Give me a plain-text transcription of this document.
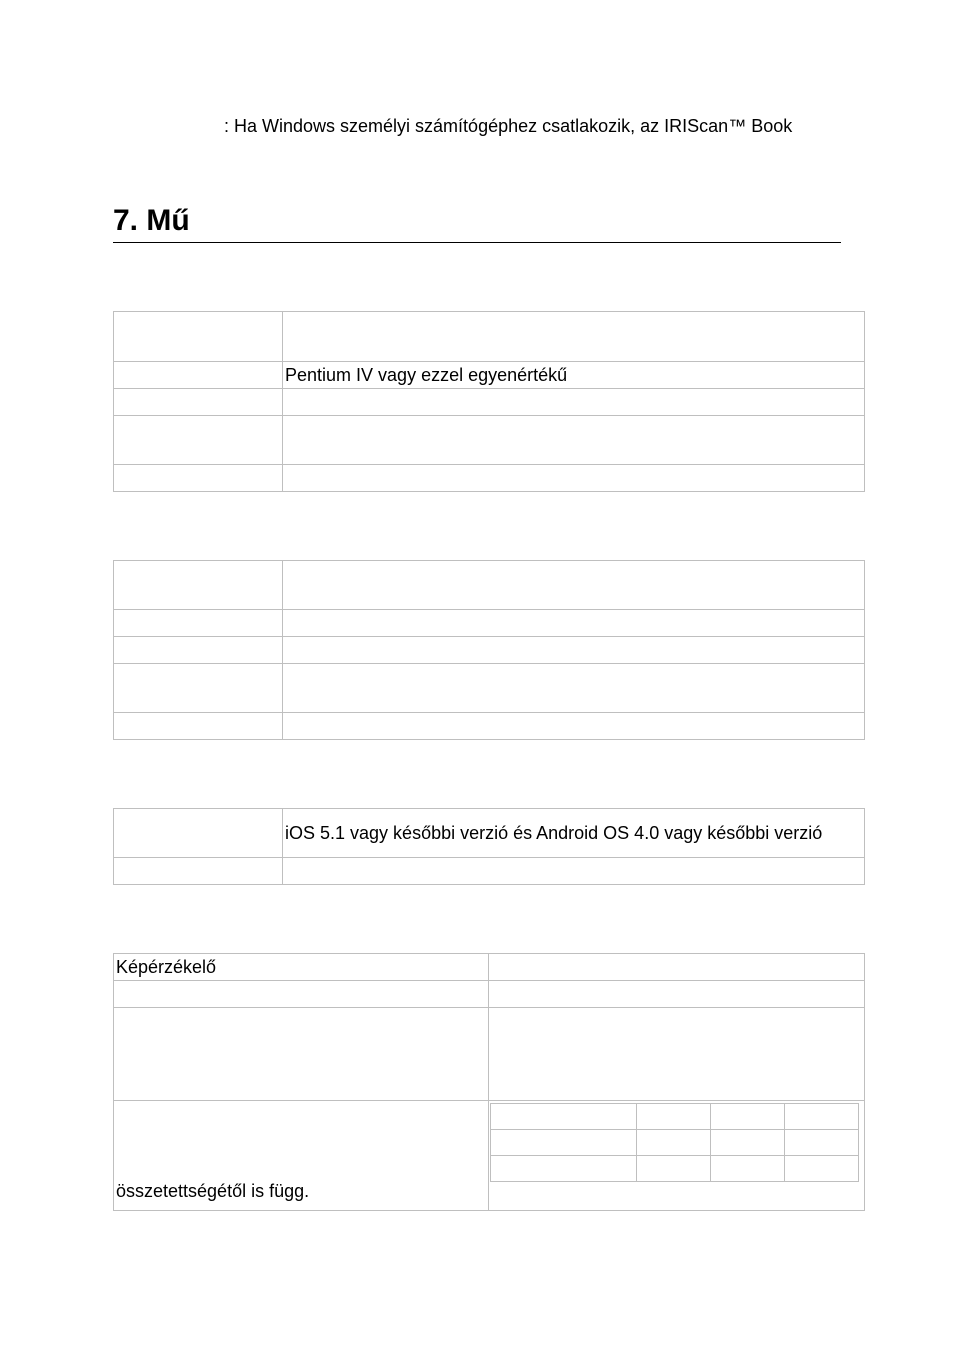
: Ha Windows személyi számítógéphez csatlakozik, az IRIScan™ Book
7. Mű

	Pentium IV vagy ezzel egyenértékű

	iOS 5.1 vagy későbbi verzió és Android OS 4.0 vagy későbbi verzió

Képérzékelő	

összetettségétől is függ.	
